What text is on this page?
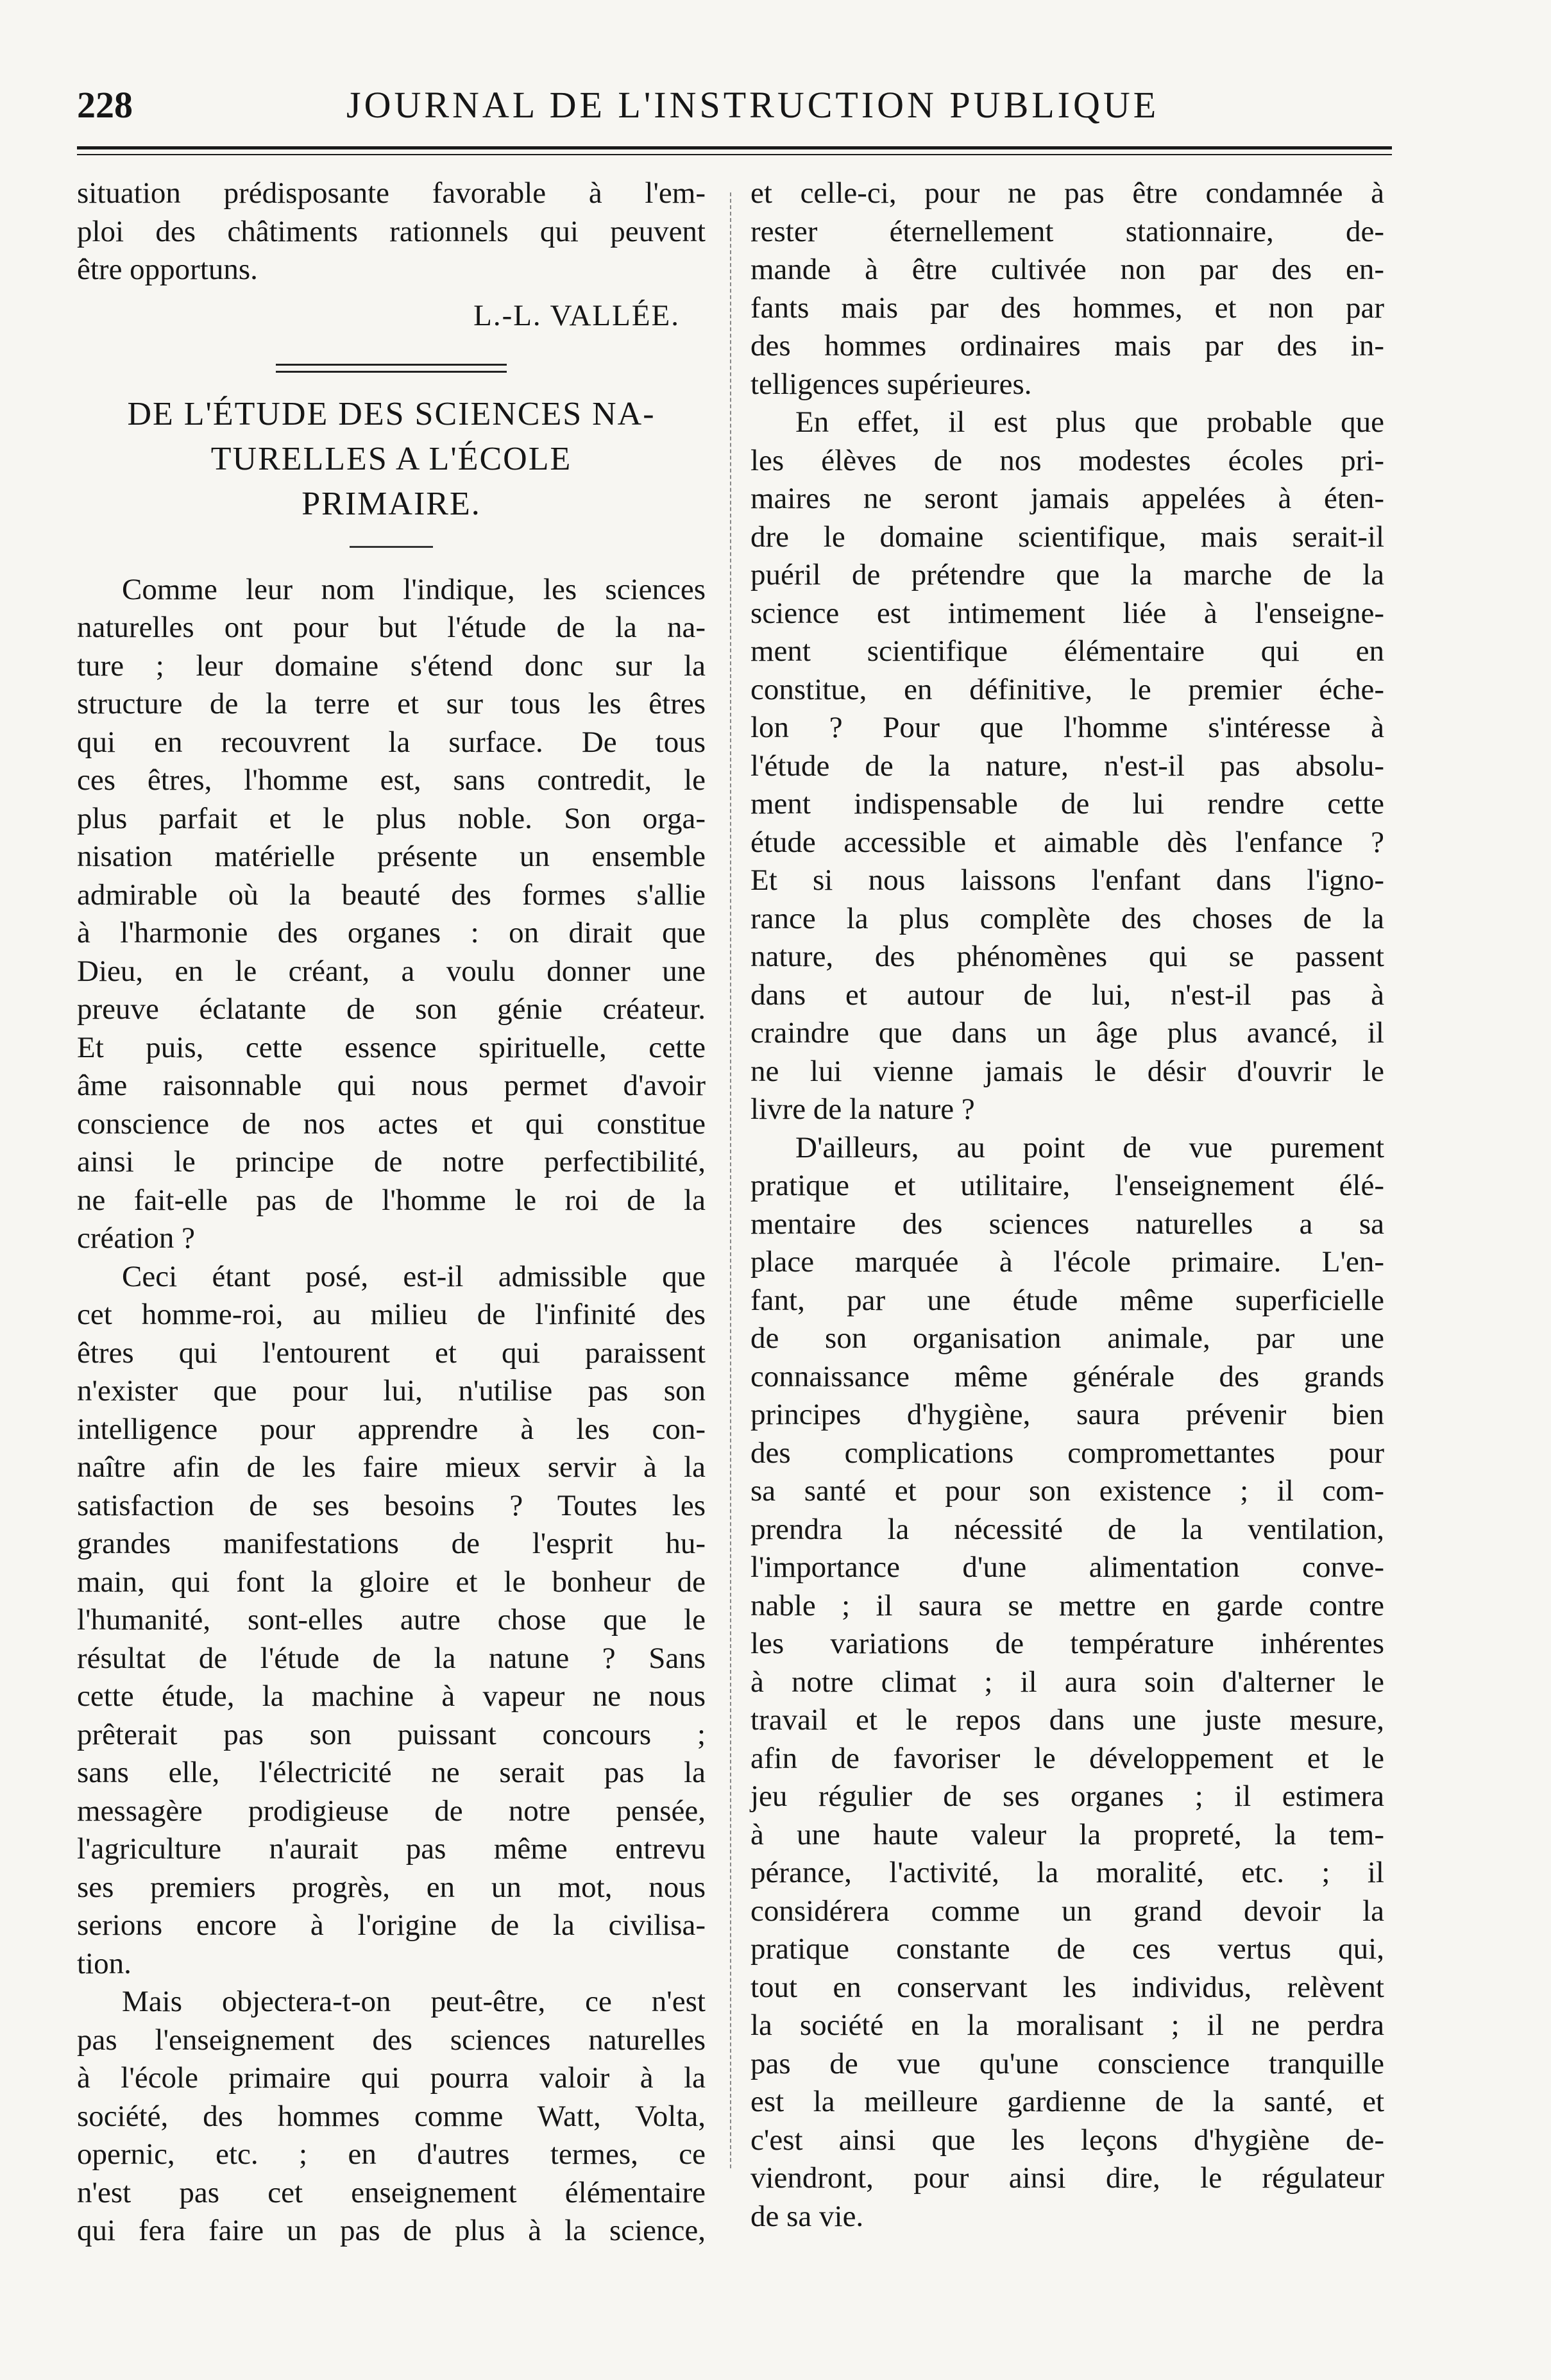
228	JOURNAL DE L'INSTRUCTION PUBLIQUE
situation prédisposante favorable à l'em-
ploi des châtiments rationnels qui peuvent
être opportuns.
L.-L. VALLÉE.
DE L'ÉTUDE DES SCIENCES NA-
TURELLES A L'ÉCOLE
PRIMAIRE.
Comme leur nom l'indique, les sciences
naturelles ont pour but l'étude de la na-
ture ; leur domaine s'étend donc sur la
structure de la terre et sur tous les êtres
qui en recouvrent la surface. De tous
ces êtres, l'homme est, sans contredit, le
plus parfait et le plus noble. Son orga-
nisation matérielle présente un ensemble
admirable où la beauté des formes s'allie
à l'harmonie des organes : on dirait que
Dieu, en le créant, a voulu donner une
preuve éclatante de son génie créateur.
Et puis, cette essence spirituelle, cette
âme raisonnable qui nous permet d'avoir
conscience de nos actes et qui constitue
ainsi le principe de notre perfectibilité,
ne fait-elle pas de l'homme le roi de la
création ?
Ceci étant posé, est-il admissible que
cet homme-roi, au milieu de l'infinité des
êtres qui l'entourent et qui paraissent
n'exister que pour lui, n'utilise pas son
intelligence pour apprendre à les con-
naître afin de les faire mieux servir à la
satisfaction de ses besoins ? Toutes les
grandes manifestations de l'esprit hu-
main, qui font la gloire et le bonheur de
l'humanité, sont-elles autre chose que le
résultat de l'étude de la natune ? Sans
cette étude, la machine à vapeur ne nous
prêterait pas son puissant concours ;
sans elle, l'électricité ne serait pas la
messagère prodigieuse de notre pensée,
l'agriculture n'aurait pas même entrevu
ses premiers progrès, en un mot, nous
serions encore à l'origine de la civilisa-
tion.
Mais objectera-t-on peut-être, ce n'est
pas l'enseignement des sciences naturelles
à l'école primaire qui pourra valoir à la
société, des hommes comme Watt, Volta,
opernic, etc. ; en d'autres termes, ce
n'est pas cet enseignement élémentaire
qui fera faire un pas de plus à la science,
et celle-ci, pour ne pas être condamnée à
rester éternellement stationnaire, de-
mande à être cultivée non par des en-
fants mais par des hommes, et non par
des hommes ordinaires mais par des in-
telligences supérieures.
En effet, il est plus que probable que
les élèves de nos modestes écoles pri-
maires ne seront jamais appelées à éten-
dre le domaine scientifique, mais serait-il
puéril de prétendre que la marche de la
science est intimement liée à l'enseigne-
ment scientifique élémentaire qui en
constitue, en définitive, le premier éche-
lon ? Pour que l'homme s'intéresse à
l'étude de la nature, n'est-il pas absolu-
ment indispensable de lui rendre cette
étude accessible et aimable dès l'enfance ?
Et si nous laissons l'enfant dans l'igno-
rance la plus complète des choses de la
nature, des phénomènes qui se passent
dans et autour de lui, n'est-il pas à
craindre que dans un âge plus avancé, il
ne lui vienne jamais le désir d'ouvrir le
livre de la nature ?
D'ailleurs, au point de vue purement
pratique et utilitaire, l'enseignement élé-
mentaire des sciences naturelles a sa
place marquée à l'école primaire. L'en-
fant, par une étude même superficielle
de son organisation animale, par une
connaissance même générale des grands
principes d'hygiène, saura prévenir bien
des complications compromettantes pour
sa santé et pour son existence ; il com-
prendra la nécessité de la ventilation,
l'importance d'une alimentation conve-
nable ; il saura se mettre en garde contre
les variations de température inhérentes
à notre climat ; il aura soin d'alterner le
travail et le repos dans une juste mesure,
afin de favoriser le développement et le
jeu régulier de ses organes ; il estimera
à une haute valeur la propreté, la tem-
pérance, l'activité, la moralité, etc. ; il
considérera comme un grand devoir la
pratique constante de ces vertus qui,
tout en conservant les individus, relèvent
la société en la moralisant ; il ne perdra
pas de vue qu'une conscience tranquille
est la meilleure gardienne de la santé, et
c'est ainsi que les leçons d'hygiène de-
viendront, pour ainsi dire, le régulateur
de sa vie.
